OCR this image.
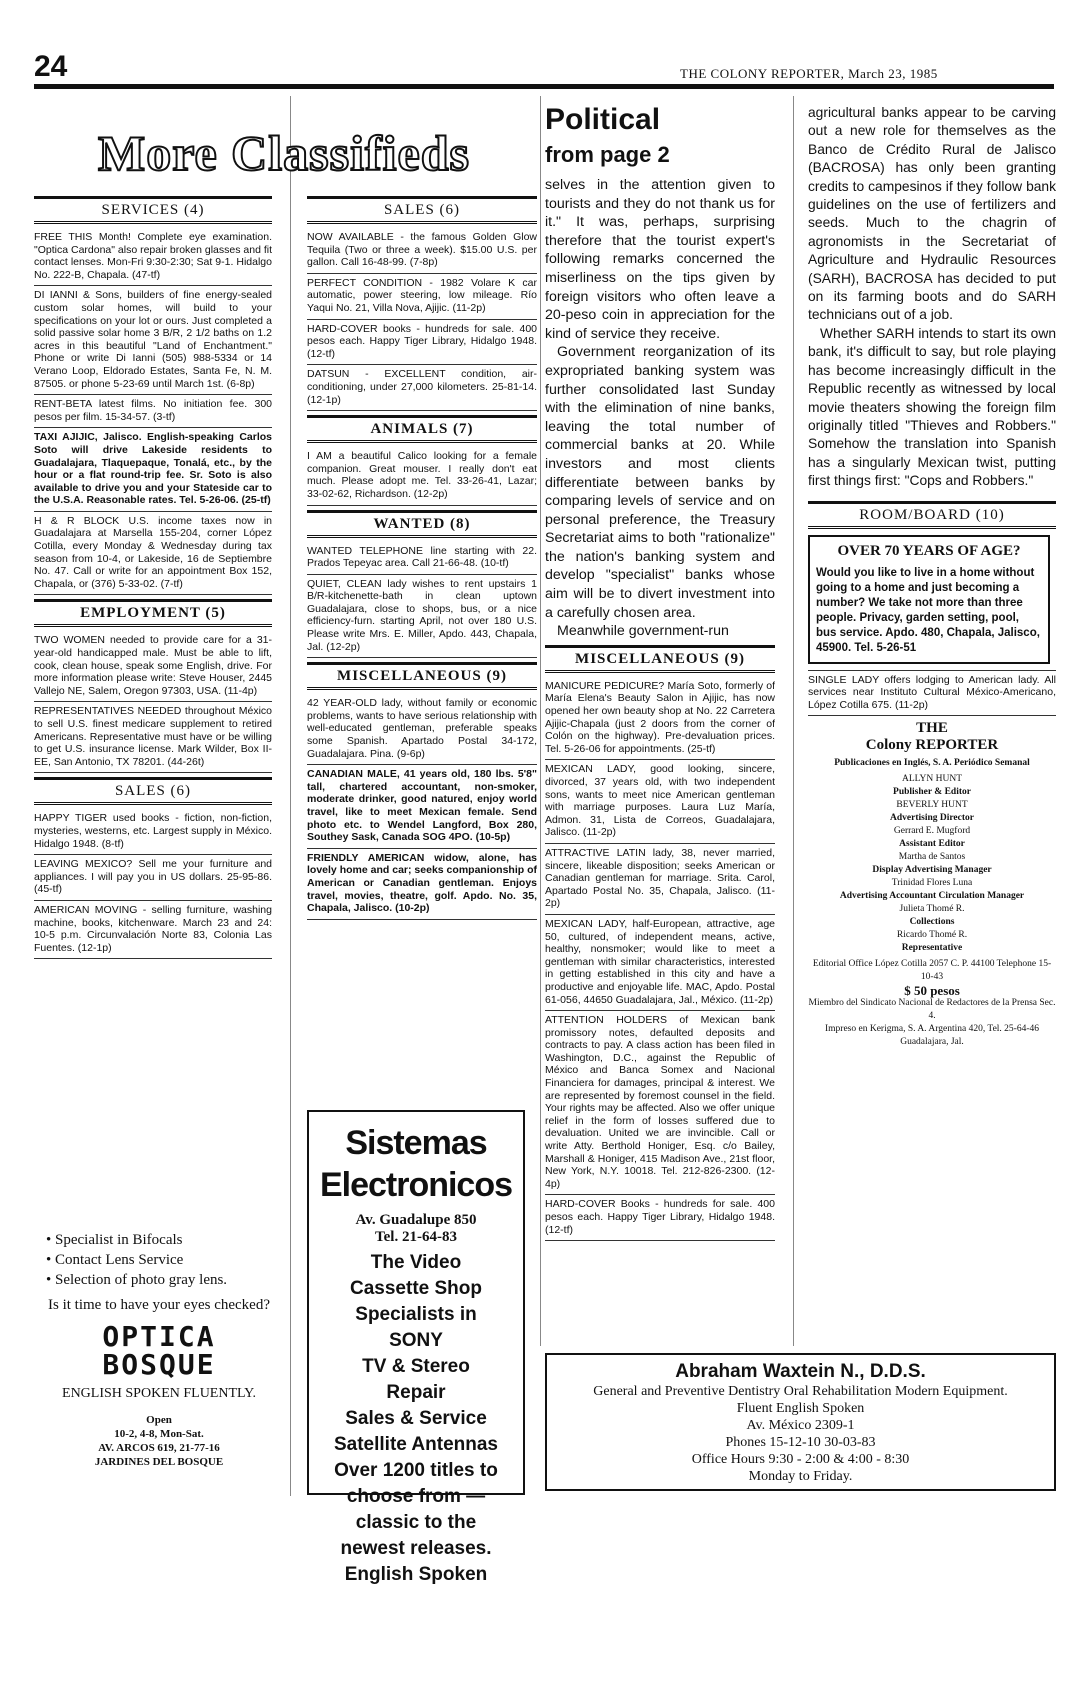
24	THE COLONY REPORTER, March 23, 1985
More Classifieds
SERVICES (4)
FREE THIS Month! Complete eye examination. "Optica Cardona" also repair broken glasses and fit contact lenses. Mon-Fri 9:30-2:30; Sat 9-1. Hidalgo No. 222-B, Chapala. (47-tf)
DI IANNI & Sons, builders of fine energy-sealed custom solar homes, will build to your specifications on your lot or ours. Just completed a solid passive solar home 3 B/R, 2 1/2 baths on 1.2 acres in this beautiful "Land of Enchantment." Phone or write Di Ianni (505) 988-5334 or 14 Verano Loop, Eldorado Estates, Santa Fe, N. M. 87505. or phone 5-23-69 until March 1st. (6-8p)
RENT-BETA latest films. No initiation fee. 300 pesos per film. 15-34-57. (3-tf)
TAXI AJIJIC, Jalisco. English-speaking Carlos Soto will drive Lakeside residents to Guadalajara, Tlaquepaque, Tonalá, etc., by the hour or a flat round-trip fee. Sr. Soto is also available to drive you and your Stateside car to the U.S.A. Reasonable rates. Tel. 5-26-06. (25-tf)
H & R BLOCK U.S. income taxes now in Guadalajara at Marsella 155-204, corner López Cotilla, every Monday & Wednesday during tax season from 10-4, or Lakeside, 16 de Septiembre No. 47. Call or write for an appointment Box 152, Chapala, or (376) 5-33-02. (7-tf)
EMPLOYMENT (5)
TWO WOMEN needed to provide care for a 31-year-old handicapped male. Must be able to lift, cook, clean house, speak some English, drive. For more information please write: Steve Houser, 2445 Vallejo NE, Salem, Oregon 97303, USA. (11-4p)
REPRESENTATIVES NEEDED throughout México to sell U.S. finest medicare supplement to retired Americans. Representative must have or be willing to get U.S. insurance license. Mark Wilder, Box II-EE, San Antonio, TX 78201. (44-26t)
SALES (6)
HAPPY TIGER used books - fiction, non-fiction, mysteries, westerns, etc. Largest supply in México. Hidalgo 1948. (8-tf)
LEAVING MEXICO? Sell me your furniture and appliances. I will pay you in US dollars. 25-95-86. (45-tf)
AMERICAN MOVING - selling furniture, washing machine, books, kitchenware. March 23 and 24: 10-5 p.m. Circunvalación Norte 83, Colonia Las Fuentes. (12-1p)
• Specialist in Bifocals
• Contact Lens Service
• Selection of photo gray lens.
Is it time to have your eyes checked?
OPTICA
BOSQUE
ENGLISH SPOKEN FLUENTLY.
Open
10-2, 4-8, Mon-Sat.
AV. ARCOS 619, 21-77-16
JARDINES DEL BOSQUE
SALES (6)
NOW AVAILABLE - the famous Golden Glow Tequila (Two or three a week). $15.00 U.S. per gallon. Call 16-48-99. (7-8p)
PERFECT CONDITION - 1982 Volare K car automatic, power steering, low mileage. Río Yaqui No. 21, Villa Nova, Ajijic. (11-2p)
HARD-COVER books - hundreds for sale. 400 pesos each. Happy Tiger Library, Hidalgo 1948. (12-tf)
DATSUN - EXCELLENT condition, air-conditioning, under 27,000 kilometers. 25-81-14. (12-1p)
ANIMALS (7)
I AM a beautiful Calico looking for a female companion. Great mouser. I really don't eat much. Please adopt me. Tel. 33-26-41, Lazar; 33-02-62, Richardson. (12-2p)
WANTED (8)
WANTED TELEPHONE line starting with 22. Prados Tepeyac area. Call 21-66-48. (10-tf)
QUIET, CLEAN lady wishes to rent upstairs 1 B/R-kitchenette-bath in clean uptown Guadalajara, close to shops, bus, or a nice efficiency-furn. starting April, not over 180 U.S. Please write Mrs. E. Miller, Apdo. 443, Chapala, Jal. (12-2p)
MISCELLANEOUS (9)
42 YEAR-OLD lady, without family or economic problems, wants to have serious relationship with well-educated gentleman, preferable speaks some Spanish. Apartado Postal 34-172, Guadalajara. Pina. (9-6p)
CANADIAN MALE, 41 years old, 180 lbs. 5'8" tall, chartered accountant, non-smoker, moderate drinker, good natured, enjoy world travel, like to meet Mexican female. Send photo etc. to Wendel Langford, Box 280, Southey Sask, Canada SOG 4PO. (10-5p)
FRIENDLY AMERICAN widow, alone, has lovely home and car; seeks companionship of American or Canadian gentleman. Enjoys travel, movies, theatre, golf. Apdo. No. 35, Chapala, Jalisco. (10-2p)
Sistemas
Electronicos
Av. Guadalupe 850
Tel. 21-64-83
The Video
Cassette Shop
Specialists in
SONY
TV & Stereo
Repair
Sales & Service
Satellite Antennas
Over 1200 titles to
choose from —
classic to the
newest releases.
English Spoken
Political
from page 2

selves in the attention given to tourists and they do not thank us for it." It was, perhaps, surprising therefore that the tourist expert's following remarks concerned the miserliness on the tips given by foreign visitors who often leave a 20-peso coin in appreciation for the kind of service they receive.

Government reorganization of its expropriated banking system was further consolidated last Sunday with the elimination of nine banks, leaving the total number of commercial banks at 20. While investors and most clients differentiate between banks by comparing levels of service and on personal preference, the Treasury Secretariat aims to both "rationalize" the nation's banking system and develop "specialist" banks whose aim will be to divert investment into a carefully chosen area.

Meanwhile government-run

MISCELLANEOUS (9)
MANICURE PEDICURE? María Soto, formerly of María Elena's Beauty Salon in Ajijic, has now opened her own beauty shop at No. 22 Carretera Ajijic-Chapala (just 2 doors from the corner of Colón on the highway). Pre-devaluation prices. Tel. 5-26-06 for appointments. (25-tf)
MEXICAN LADY, good looking, sincere, divorced, 37 years old, with two independent sons, wants to meet nice American gentleman with marriage purposes. Laura Luz María, Admon. 31, Lista de Correos, Guadalajara, Jalisco. (11-2p)
ATTRACTIVE LATIN lady, 38, never married, sincere, likeable disposition; seeks American or Canadian gentleman for marriage. Srita. Carol, Apartado Postal No. 35, Chapala, Jalisco. (11-2p)
MEXICAN LADY, half-European, attractive, age 50, cultured, of independent means, active, healthy, nonsmoker; would like to meet a gentleman with similar characteristics, interested in getting established in this city and have a productive and enjoyable life. MAC, Apdo. Postal 61-056, 44650 Guadalajara, Jal., México. (11-2p)
ATTENTION HOLDERS of Mexican bank promissory notes, defaulted deposits and contracts to pay. A class action has been filed in Washington, D.C., against the Republic of México and Banca Somex and Nacional Financiera for damages, principal & interest. We are represented by foremost counsel in the field. Your rights may be affected. Also we offer unique relief in the form of losses suffered due to devaluation. United we are invincible. Call or write Atty. Berthold Honiger, Esq. c/o Bailey, Marshall & Honiger, 415 Madison Ave., 21st floor, New York, N.Y. 10018. Tel. 212-826-2300. (12-4p)
HARD-COVER Books - hundreds for sale. 400 pesos each. Happy Tiger Library, Hidalgo 1948. (12-tf)

agricultural banks appear to be carving out a new role for themselves as the Banco de Crédito Rural de Jalisco (BACROSA) has only been granting credits to campesinos if they follow bank guidelines on the use of fertilizers and seeds. Much to the chagrin of agronomists in the Secretariat of Agriculture and Hydraulic Resources (SARH), BACROSA has decided to put on its farming boots and do SARH technicians out of a job.

Whether SARH intends to start its own bank, it's difficult to say, but role playing has become increasingly difficult in the Republic recently as witnessed by local movie theaters showing the foreign film originally titled "Thieves and Robbers." Somehow the translation into Spanish has a singularly Mexican twist, putting first things first: "Cops and Robbers."

ROOM/BOARD (10)
OVER 70 YEARS OF AGE?
Would you like to live in a home without going to a home and just becoming a number? We take not more than three people. Privacy, garden setting, pool, bus service. Apdo. 480, Chapala, Jalisco, 45900. Tel. 5-26-51
SINGLE LADY offers lodging to American lady. All services near Instituto Cultural México-Americano, López Cotilla 675. (11-2p)
THE
Colony REPORTER
Publicaciones en Inglés, S. A. Periódico Semanal
ALLYN HUNT
Publisher & Editor
BEVERLY HUNT
Advertising Director
Gerrard E. Mugford
Assistant Editor
Martha de Santos
Display Advertising Manager
Trinidad Flores Luna
Advertising Accountant Circulation Manager
Julieta Thomé R.
Collections
Ricardo Thomé R.
Representative
Editorial Office López Cotilla 2057 C. P. 44100 Telephone 15-10-43
$ 50 pesos
Miembro del Sindicato Nacional de Redactores de la Prensa Sec. 4.
Impreso en Kerigma, S. A. Argentina 420, Tel. 25-64-46 Guadalajara, Jal.
Abraham Waxtein N., D.D.S.
General and Preventive Dentistry Oral Rehabilitation Modern Equipment.
Fluent English Spoken
Av. México 2309-1
Phones 15-12-10 30-03-83
Office Hours 9:30 - 2:00 & 4:00 - 8:30
Monday to Friday.
